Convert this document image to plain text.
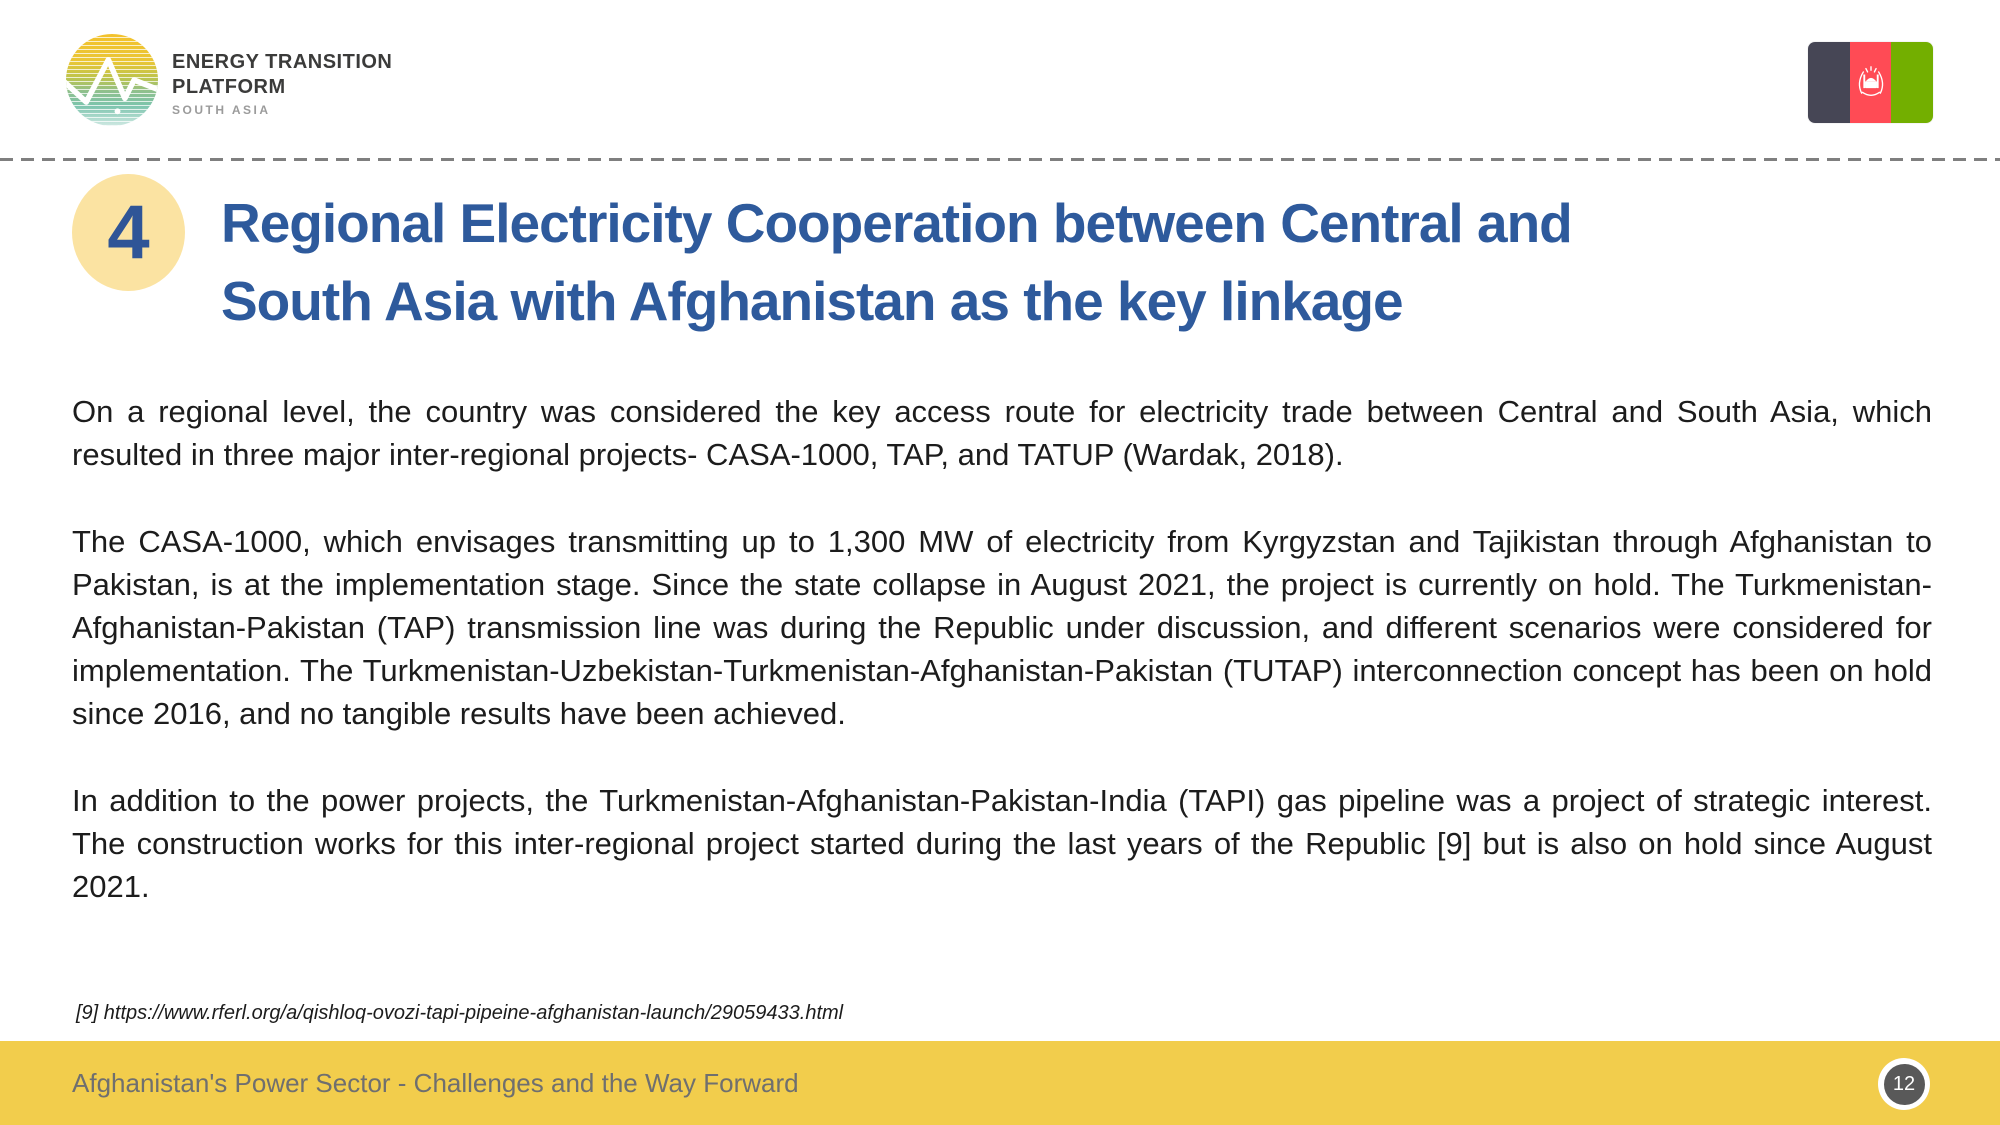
ENERGY TRANSITION
PLATFORM
SOUTH ASIA
4 Regional Electricity Cooperation between Central and
South Asia with Afghanistan as the key linkage

On a regional level, the country was considered the key access route for electricity trade between Central and South Asia, which resulted in three major inter-regional projects- CASA-1000, TAP, and TATUP (Wardak, 2018).

The CASA-1000, which envisages transmitting up to 1,300 MW of electricity from Kyrgyzstan and Tajikistan through Afghanistan to Pakistan, is at the implementation stage. Since the state collapse in August 2021, the project is currently on hold. The Turkmenistan-Afghanistan-Pakistan (TAP) transmission line was during the Republic under discussion, and different scenarios were considered for implementation. The Turkmenistan-Uzbekistan-Turkmenistan-Afghanistan-Pakistan (TUTAP) interconnection concept has been on hold since 2016, and no tangible results have been achieved.

In addition to the power projects, the Turkmenistan-Afghanistan-Pakistan-India (TAPI) gas pipeline was a project of strategic interest. The construction works for this inter-regional project started during the last years of the Republic [9] but is also on hold since August 2021.

[9] https://www.rferl.org/a/qishloq-ovozi-tapi-pipeine-afghanistan-launch/29059433.html
Afghanistan's Power Sector - Challenges and the Way Forward	12
